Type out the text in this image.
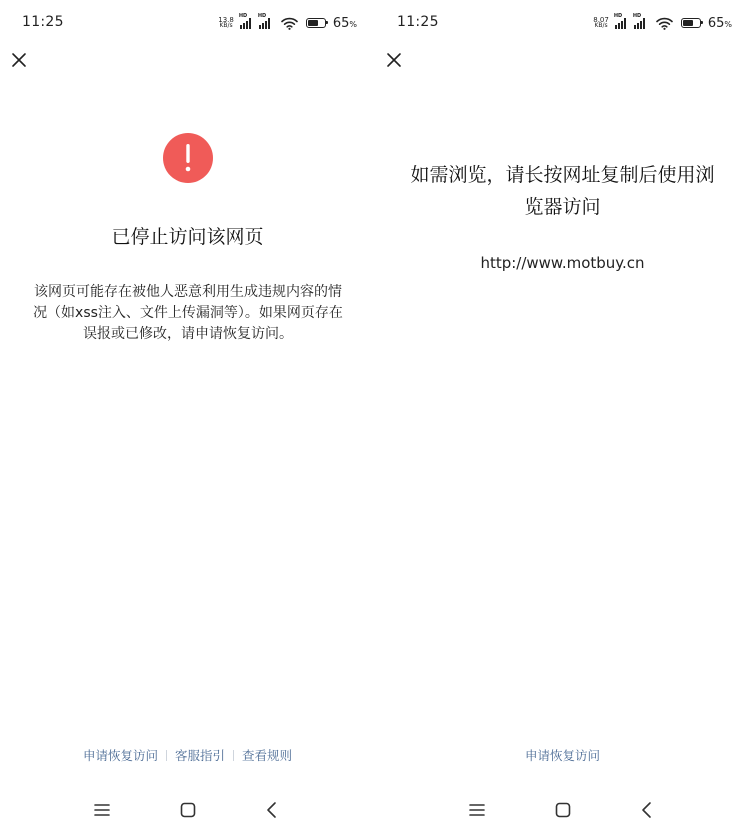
11:25	13.8
KB/s
HD HD	65%
已停止访问该网页
该网页可能存在被他人恶意利用生成违规内容的情况（如xss注入、文件上传漏洞等）。如果网页存在误报或已修改，请申请恢复访问。
申请恢复访问 客服指引 查看规则
11:25	8.07
KB/s
HD HD	65%
如需浏览，请长按网址复制后使用浏览器访问
http://www.motbuy.cn
申请恢复访问
